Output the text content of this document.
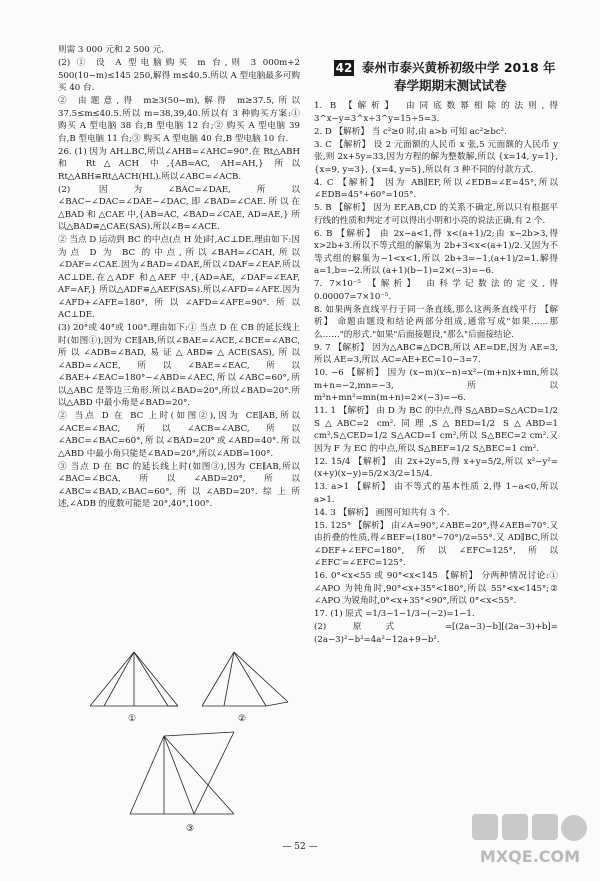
则需 3 000 元和 2 500 元.

(2) ① 设 A 型电脑购买 m 台,则 3 000m+2 500(10−m)≤145 250,解得 m≤40.5.所以 A 型电脑最多可购买 40 台.

② 由题意,得 m≥3(50−m),解得 m≥37.5,所以 37.5≤m≤40.5.所以 m=38,39,40.所以有 3 种购买方案:① 购买 A 型电脑 38 台,B 型电脑 12 台;② 购买 A 型电脑 39 台,B 型电脑 11 台;③ 购买 A 型电脑 40 台,B 型电脑 10 台.

26. (1) 因为 AH⊥BC,所以∠AHB=∠AHC=90°.在 Rt△ABH 和 Rt△ACH 中,{AB=AC, AH=AH,} 所以 Rt△ABH≌Rt△ACH(HL).所以∠ABC=∠ACB.

(2) 因为∠BAC=∠DAE,所以∠BAC−∠DAC=∠DAE−∠DAC,即∠BAD=∠CAE.所以在△BAD 和 △CAE 中,{AB=AC, ∠BAD=∠CAE, AD=AE,} 所以△BAD≌△CAE(SAS).所以∠B=∠ACE.

② 当点 D 运动到 BC 的中点(点 H 处)时,AC⊥DE.理由如下:因为点 D 为 BC 的中点,所以∠BAH=∠CAH,所以∠DAF=∠CAE.因为∠BAD=∠DAE,所以∠DAF=∠EAF.所以 AC⊥DE.在△ADF 和△AEF 中,{AD=AE, ∠DAF=∠EAF, AF=AF,} 所以△ADF≌△AEF(SAS).所以∠AFD=∠AFE.因为∠AFD+∠AFE=180°,所以∠AFD=∠AFE=90°.所以 AC⊥DE.

(3) 20°或 40°或 100°.理由如下:① 当点 D 在 CB 的延长线上时(如图①),因为 CE∥AB,所以∠BAE=∠ACE,∠BCE=∠ABC,所以∠ADB=∠BAD,易证△ABD≌△ACE(SAS),所以∠ABD=∠ACE,所以∠BAE=∠EAC,所以∠BAE+∠EAC=180°−∠ABD=∠AEC,所以∠ABC=60°,所以△ABC 是等边三角形.所以∠BAD=20°,所以∠BAD=20°.所以△ABD 中最小角是∠BAD=20°.

② 当点 D 在 BC 上时(如图②),因为 CE∥AB,所以∠ACE=∠BAC,所以∠ACB=∠ABC,所以∠ABC=∠BAC=60°,所以∠BAD=20°或∠ABD=40°.所以△ABD 中最小角只能是∠BAD=20°,所以∠ADB=100°.

③ 当点 D 在 BC 的延长线上时(如图③),因为 CE∥AB,所以∠BAC=∠BCA,所以∠ABD=20°,所以∠ABC=∠BAD,∠BAC=60°,所以∠ABD=20°.综上所述,∠ADB 的度数可能是 20°,40°,100°.

①	②
③
42 泰州市泰兴黄桥初级中学 2018 年
春学期期末测试试卷

1. B 【解析】 由同底数幂相除的法则,得 3^x−y=3^x÷3^y=15÷5=3.

2. D 【解析】 当 c²≥0 时,由 a>b 可知 ac²≥bc².

3. C 【解析】 设 2 元面额的人民币 x 张,5 元面额的人民币 y 张,则 2x+5y=33,因为方程的解为整数解,所以 {x=14, y=1}, {x=9, y=3}, {x=4, y=5},所以有 3 种不同的付款方式.

4. C 【解析】 因为 AB∥EF,所以∠EDB=∠E=45°,所以∠EDB=45°+60°=105°.

5. B 【解析】 因为 EF,AB,CD 的关系不确定,所以只有根据平行线的性质和判定才可以得出小明和小亮的说法正确,有 2 个.

6. B 【解析】 由 2x−a<1,得 x<(a+1)/2;由 x−2b>3,得 x>2b+3.所以不等式组的解集为 2b+3<x<(a+1)/2.又因为不等式组的解集为−1<x<1,所以 2b+3=−1,(a+1)/2=1.解得 a=1,b=−2.所以 (a+1)(b−1)=2×(−3)=−6.

7. 7×10⁻⁵ 【解析】 由科学记数法的定义,得 0.00007=7×10⁻⁵.

8. 如果两条直线平行于同一条直线,那么这两条直线平行 【解析】 命题由题设和结论两部分组成,通常写成"如果……那么……"的形式."如果"后面接题设,"那么"后面接结论.

9. 7 【解析】 因为△ABC≌△DCB,所以 AE=DE,因为 AE=3,所以 AE=3,所以 AC=AE+EC=10−3=7.

10. −6 【解析】 因为 (x−m)(x−n)=x²−(m+n)x+mn,所以 m+n=−2,mn=−3,所以 m²n+mn²=mn(m+n)=2×(−3)=−6.

11. 1 【解析】 由 D 为 BC 的中点,得 S△ABD=S△ACD=1/2 S△ABC=2 cm².同理,S△BED=1/2 S△ABD=1 cm²,S△CED=1/2 S△ACD=1 cm²,所以 S△BEC=2 cm².又因为 F 为 EC 的中点,所以 S△BEF=1/2 S△BEC=1 cm².

12. 15/4 【解析】 由 2x+2y=5,得 x+y=5/2,所以 x²−y²=(x+y)(x−y)=5/2×3/2=15/4.

13. a>1 【解析】 由不等式的基本性质 2,得 1−a<0,所以 a>1.

14. 3 【解析】 画图可知共有 3 个.

15. 125° 【解析】 由∠A=90°,∠ABE=20°,得∠AEB=70°.又由折叠的性质,得∠BEF=(180°−70°)/2=55°.又 AD∥BC,所以∠DEF+∠EFC=180°,所以∠EFC=125°,所以∠EFC′=∠EFC=125°.

16. 0°<x<55 或 90°<x<145 【解析】 分两种情况讨论:① ∠APO 为钝角时,90°<x+35°<180°,所以 55°<x<145°;② ∠APO 为锐角时,0°<x+35°<90°,所以 0°<x<55°.

17. (1) 原式 =1/3−1−1/3−(−2)=1−1.

(2) 原式 =[(2a−3)−b][(2a−3)+b]=(2a−3)²−b²=4a²−12a+9−b².

— 52 —	MXQE.COM
